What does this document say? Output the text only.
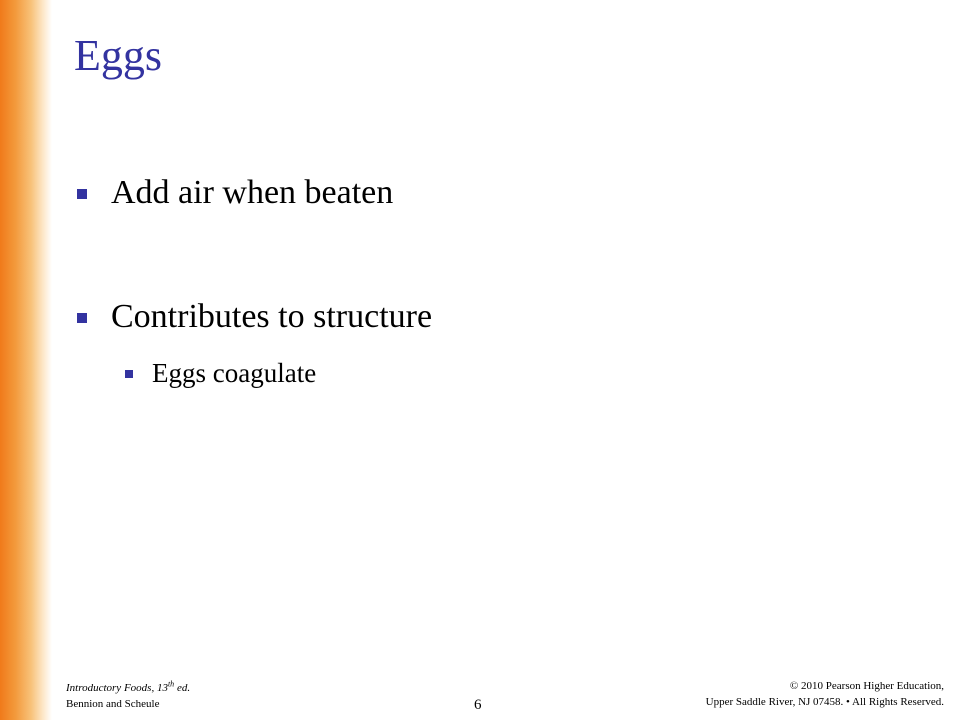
Eggs
Add air when beaten
Contributes to structure
Eggs coagulate
Introductory Foods, 13th ed.
Bennion and Scheule	6
© 2010 Pearson Higher Education,
Upper Saddle River, NJ 07458. • All Rights Reserved.
